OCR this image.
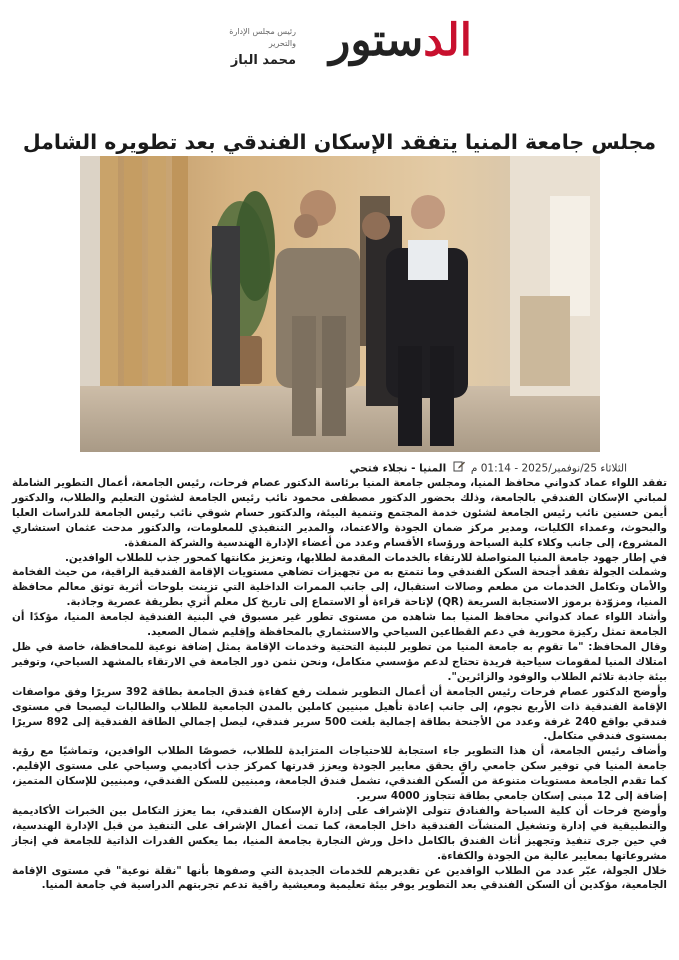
الدستور
رئيس مجلس الإدارة والتحرير
محمد الباز
مجلس جامعة المنيا يتفقد الإسكان الفندقي بعد تطويره الشامل
الثلاثاء 25/نوفمبر/2025 - 01:14 م  المنيا - نجلاء فتحي

تفقد اللواء عماد كدواني محافظ المنيا، ومجلس جامعة المنيا برئاسة الدكتور عصام فرحات، رئيس الجامعة، أعمال التطوير الشاملة لمباني الإسكان الفندقي بالجامعة، وذلك بحضور الدكتور مصطفى محمود نائب رئيس الجامعة لشئون التعليم والطلاب، والدكتور أيمن حسنين نائب رئيس الجامعة لشئون خدمة المجتمع وتنمية البيئة، والدكتور حسام شوقي نائب رئيس الجامعة للدراسات العليا والبحوث، وعمداء الكليات، ومدير مركز ضمان الجودة والاعتماد، والمدير التنفيذي للمعلومات، والدكتور مدحت عثمان استشاري المشروع، إلى جانب وكلاء كلية السياحة ورؤساء الأقسام وعدد من أعضاء الإدارة الهندسية والشركة المنفذة.

في إطار جهود جامعة المنيا المتواصلة للارتقاء بالخدمات المقدمة لطلابها، وتعزيز مكانتها كمحور جذب للطلاب الوافدين.

وشملت الجولة تفقد أجنحة السكن الفندقي وما تتمتع به من تجهيزات تضاهي مستويات الإقامة الفندقية الراقية، من حيث الفخامة والأمان وتكامل الخدمات من مطعم وصالات استقبال، إلى جانب الممرات الداخلية التي تزينت بلوحات أثرية توثق معالم محافظة المنيا، ومزوّدة برموز الاستجابة السريعة (QR) لإتاحة قراءة أو الاستماع إلى تاريخ كل معلم أثري بطريقة عصرية وجاذبة.

وأشاد اللواء عماد كدواني محافظ المنيا بما شاهده من مستوى تطور غير مسبوق في البنية الفندقية لجامعة المنيا، مؤكدًا أن الجامعة تمثل ركيزة محورية في دعم القطاعين السياحي والاستثماري بالمحافظة وإقليم شمال الصعيد.

وقال المحافظ: "ما تقوم به جامعة المنيا من تطوير للبنية التحتية وخدمات الإقامة يمثل إضافة نوعية للمحافظة، خاصة في ظل امتلاك المنيا لمقومات سياحية فريدة تحتاج لدعم مؤسسي متكامل، ونحن نثمن دور الجامعة في الارتقاء بالمشهد السياحي، وتوفير بيئة جاذبة تلائم الطلاب والوفود والزائرين".

وأوضح الدكتور عصام فرحات رئيس الجامعة أن أعمال التطوير شملت رفع كفاءة فندق الجامعة بطاقة 392 سريرًا وفق مواصفات الإقامة الفندقية ذات الأربع نجوم، إلى جانب إعادة تأهيل مبنيين كاملين بالمدن الجامعية للطلاب والطالبات ليصبحا في مستوى فندقي بواقع 240 غرفة وعدد من الأجنحة بطاقة إجمالية بلغت 500 سرير فندقي، ليصل إجمالي الطاقة الفندقية إلى 892 سريرًا بمستوى فندقي متكامل.

وأضاف رئيس الجامعة، أن هذا التطوير جاء استجابة للاحتياجات المتزايدة للطلاب، خصوصًا الطلاب الوافدين، وتماشيًا مع رؤية جامعة المنيا في توفير سكن جامعي راقٍ يحقق معايير الجودة ويعزز قدرتها كمركز جذب أكاديمي وسياحي على مستوى الإقليم. كما تقدم الجامعة مستويات متنوعة من السكن الفندقي، تشمل فندق الجامعة، ومبنيين للسكن الفندقي، ومبنيين للإسكان المتميز، إضافة إلى 12 مبنى إسكان جامعي بطاقة تتجاوز 4000 سرير.

وأوضح فرحات أن كلية السياحة والفنادق تتولى الإشراف على إدارة الإسكان الفندقي، بما يعزز التكامل بين الخبرات الأكاديمية والتطبيقية في إدارة وتشغيل المنشآت الفندقية داخل الجامعة، كما تمت أعمال الإشراف على التنفيذ من قبل الإدارة الهندسية، في حين جرى تنفيذ وتجهيز أثاث الفندق بالكامل داخل ورش النجارة بجامعة المنيا، بما يعكس القدرات الذاتية للجامعة في إنجاز مشروعاتها بمعايير عالية من الجودة والكفاءة.

خلال الجولة، عبّر عدد من الطلاب الوافدين عن تقديرهم للخدمات الجديدة التي وصفوها بأنها "نقلة نوعية" في مستوى الإقامة الجامعية، مؤكدين أن السكن الفندقي بعد التطوير يوفر بيئة تعليمية ومعيشية راقية تدعم تجربتهم الدراسية في جامعة المنيا.
